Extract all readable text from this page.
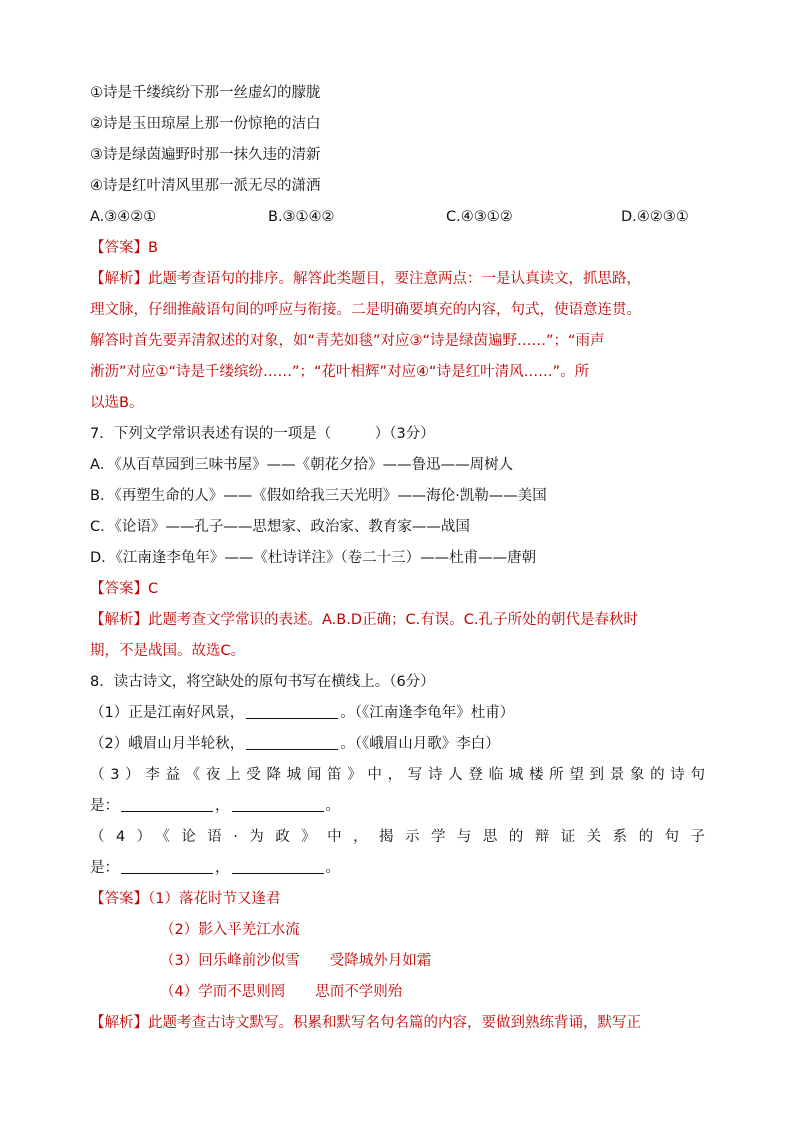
①诗是千缕缤纷下那一丝虚幻的朦胧
②诗是玉田琼屋上那一份惊艳的洁白
③诗是绿茵遍野时那一抹久违的清新
④诗是红叶清风里那一派无尽的潇洒
A.③④②①	B.③①④②	C.④③①②	D.④②③①
【答案】B
【解析】此题考查语句的排序。解答此类题目，要注意两点：一是认真读文，抓思路，
理文脉，仔细推敲语句间的呼应与衔接。二是明确要填充的内容，句式，使语意连贯。
解答时首先要弄清叙述的对象，如“青芜如毯”对应③“诗是绿茵遍野……”；“雨声
淅沥”对应①“诗是千缕缤纷……”；“花叶相辉”对应④“诗是红叶清风……”。所
以选B。
7．下列文学常识表述有误的一项是（　　　）（3分）
A．《从百草园到三味书屋》——《朝花夕拾》——鲁迅——周树人
B．《再塑生命的人》——《假如给我三天光明》——海伦·凯勒——美国
C．《论语》——孔子——思想家、政治家、教育家——战国
D．《江南逢李龟年》——《杜诗详注》（卷二十三）——杜甫——唐朝
【答案】C
【解析】此题考查文学常识的表述。A.B.D正确；C.有误。C.孔子所处的朝代是春秋时
期，不是战国。故选C。
8．读古诗文，将空缺处的原句书写在横线上。（6分）
（1）正是江南好风景，	。（《江南逢李龟年》杜甫）
（2）峨眉山月半轮秋，	。（《峨眉山月歌》李白）
（3）李益《夜上受降城闻笛》中，写诗人登临城楼所望到景象的诗句
是：	，	。
（4）《论语·为政》中，揭示学与思的辩证关系的句子
是：	，	。
【答案】（1）落花时节又逢君
（2）影入平羌江水流
（3）回乐峰前沙似雪 受降城外月如霜
（4）学而不思则罔 思而不学则殆
【解析】此题考查古诗文默写。积累和默写名句名篇的内容，要做到熟练背诵，默写正
